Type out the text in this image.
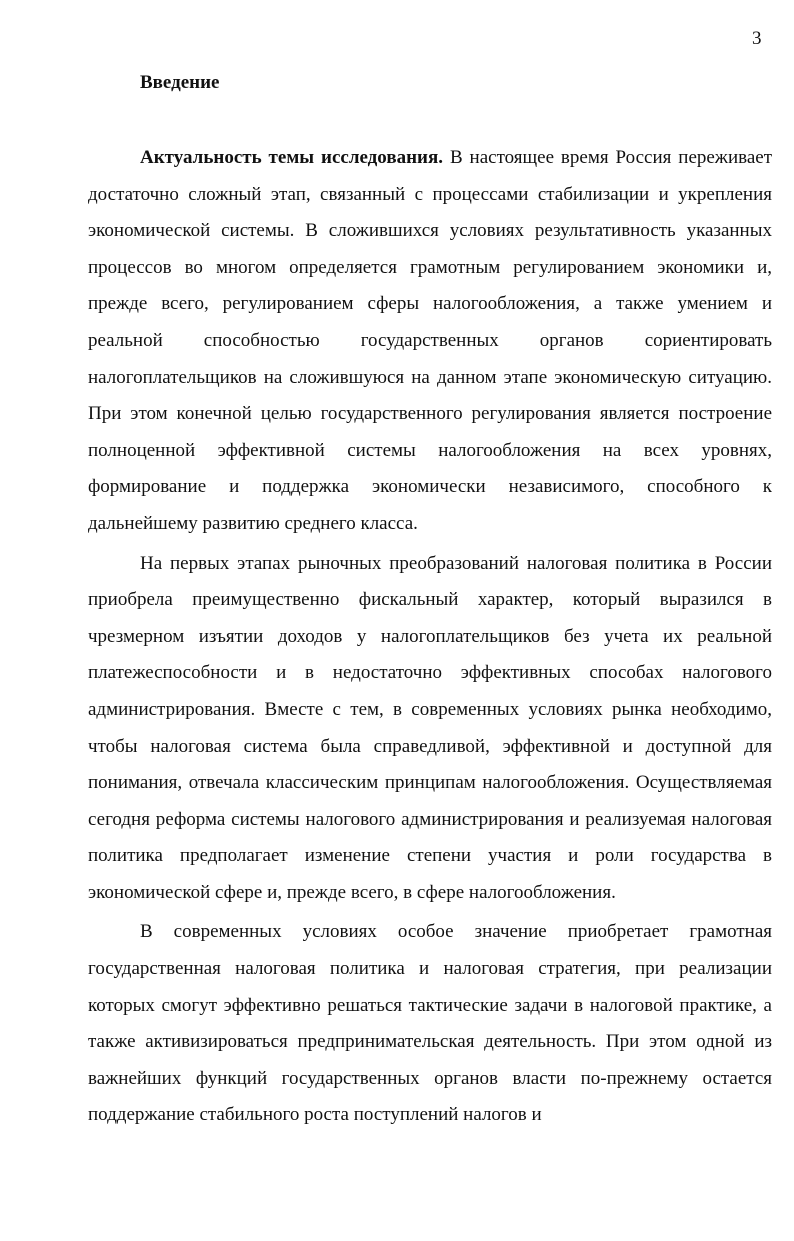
3
Введение

Актуальность темы исследования. В настоящее время Россия переживает достаточно сложный этап, связанный с процессами стабилизации и укрепления экономической системы. В сложившихся условиях результативность указанных процессов во многом определяется грамотным регулированием экономики и, прежде всего, регулированием сферы налогообложения, а также умением и реальной способностью государственных органов сориентировать налогоплательщиков на сложившуюся на данном этапе экономическую ситуацию. При этом конечной целью государственного регулирования является построение полноценной эффективной системы налогообложения на всех уровнях, формирование и поддержка экономически независимого, способного к дальнейшему развитию среднего класса.

На первых этапах рыночных преобразований налоговая политика в России приобрела преимущественно фискальный характер, который выразился в чрезмерном изъятии доходов у налогоплательщиков без учета их реальной платежеспособности и в недостаточно эффективных способах налогового администрирования. Вместе с тем, в современных условиях рынка необходимо, чтобы налоговая система была справедливой, эффективной и доступной для понимания, отвечала классическим принципам налогообложения. Осуществляемая сегодня реформа системы налогового администрирования и реализуемая налоговая политика предполагает изменение степени участия и роли государства в экономической сфере и, прежде всего, в сфере налогообложения.

В современных условиях особое значение приобретает грамотная государственная налоговая политика и налоговая стратегия, при реализации которых смогут эффективно решаться тактические задачи в налоговой практике, а также активизироваться предпринимательская деятельность. При этом одной из важнейших функций государственных органов власти по-прежнему остается поддержание стабильного роста поступлений налогов и
